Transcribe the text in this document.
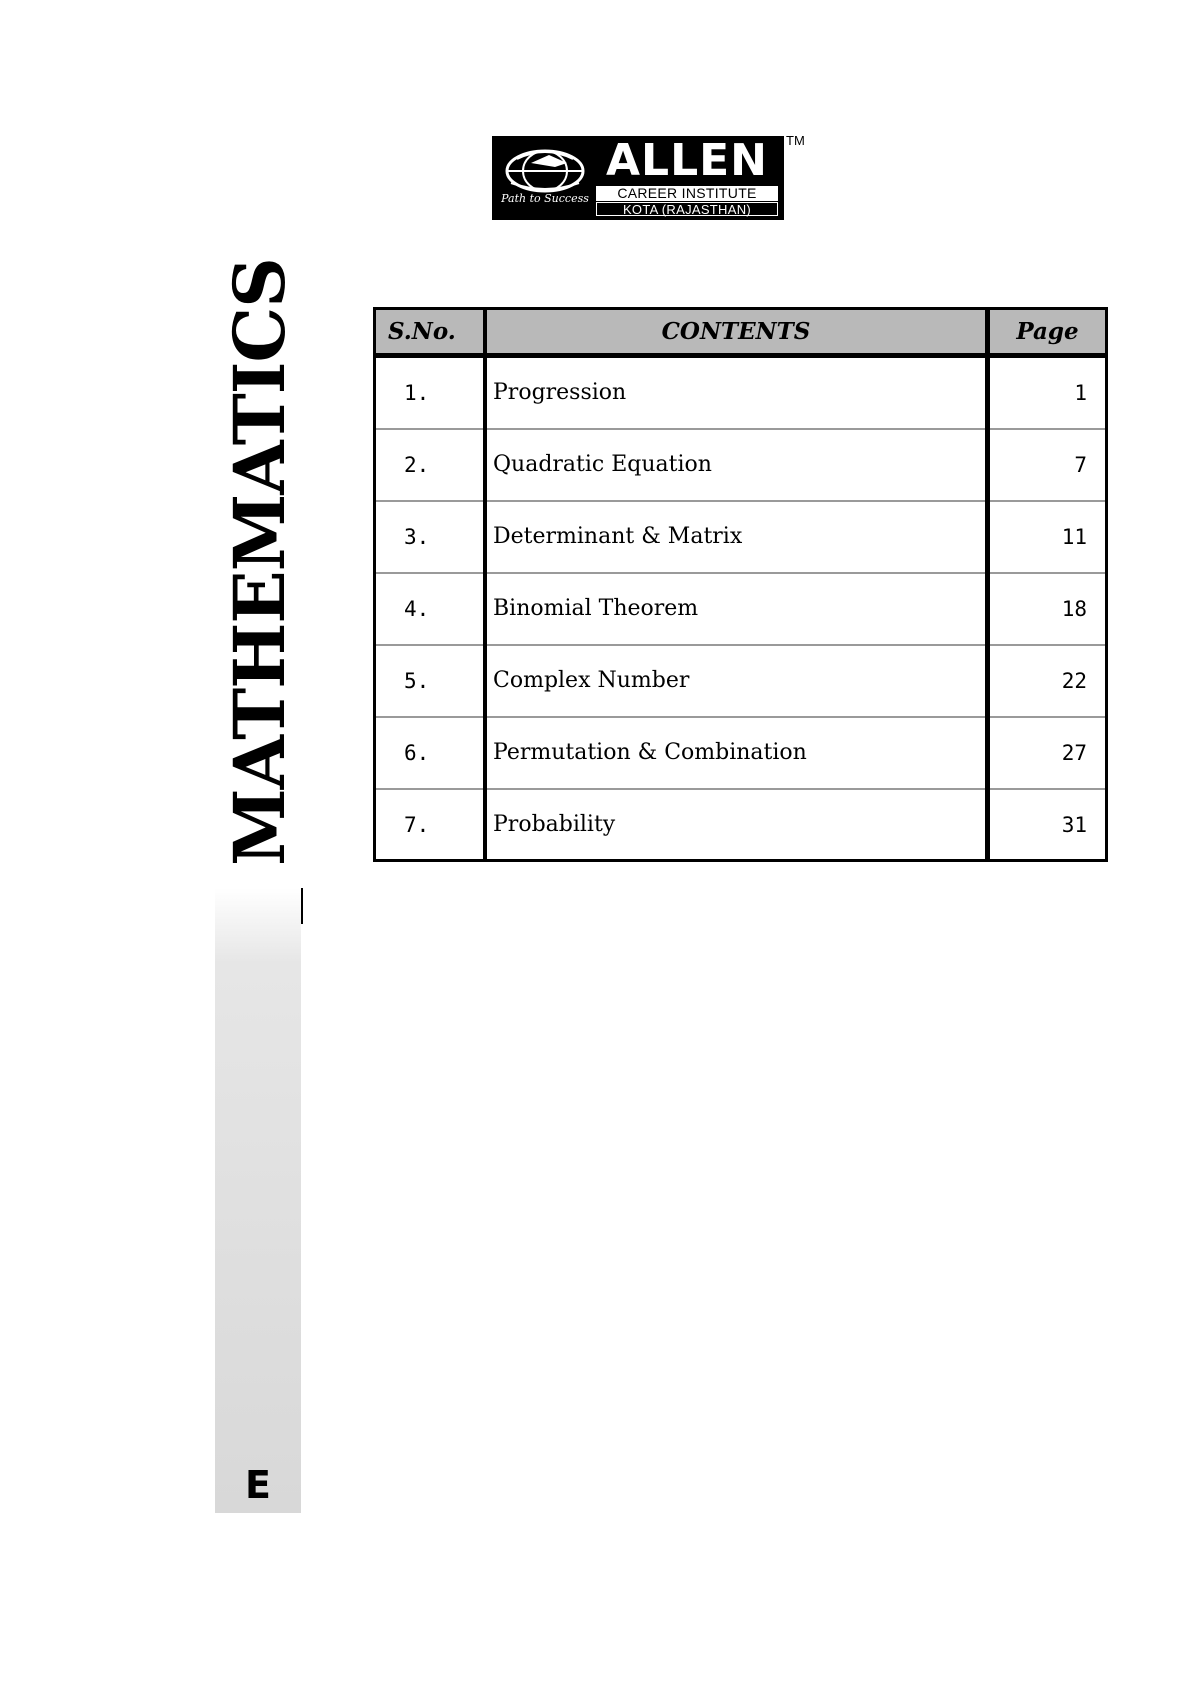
Path to Success
ALLEN
CAREER INSTITUTE
KOTA (RAJASTHAN)
TM
MATHEMATICS
E
S.No.	CONTENTS	Page
1.	Progression	1
2.	Quadratic Equation	7
3.	Determinant & Matrix	11
4.	Binomial Theorem	18
5.	Complex Number	22
6.	Permutation & Combination	27
7.	Probability	31
